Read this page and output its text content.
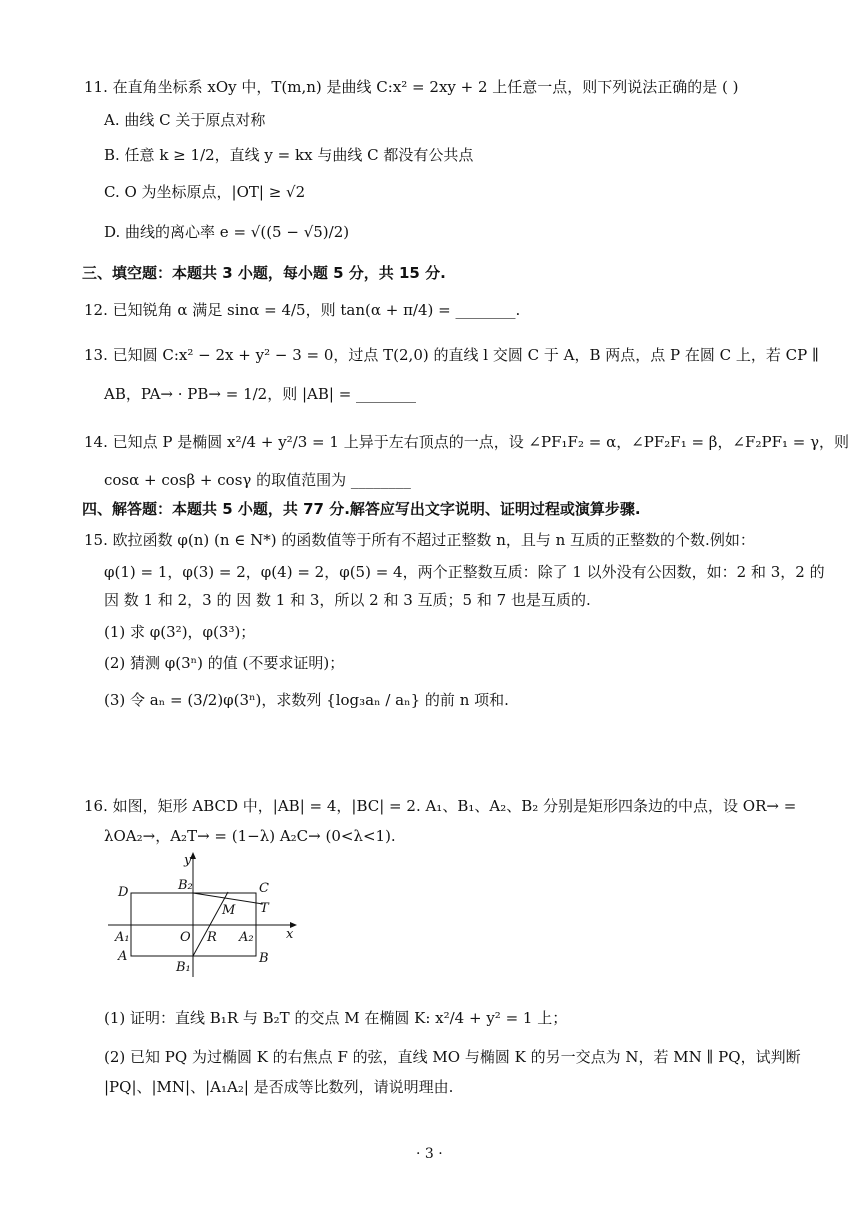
11. 在直角坐标系 xOy 中，T(m,n) 是曲线 C:x² = 2xy + 2 上任意一点，则下列说法正确的是 ( )
A. 曲线 C 关于原点对称
B. 任意 k ≥ 1/2，直线 y = kx 与曲线 C 都没有公共点
C. O 为坐标原点，|OT| ≥ √2
D. 曲线的离心率 e = √((5 − √5)/2)
三、填空题：本题共 3 小题，每小题 5 分，共 15 分.
12. 已知锐角 α 满足 sinα = 4/5，则 tan(α + π/4) = ________.
13. 已知圆 C:x² − 2x + y² − 3 = 0，过点 T(2,0) 的直线 l 交圆 C 于 A，B 两点，点 P 在圆 C 上，若 CP ∥
AB，PA→ · PB→ = 1/2，则 |AB| = ________
14. 已知点 P 是椭圆 x²/4 + y²/3 = 1 上异于左右顶点的一点，设 ∠PF₁F₂ = α，∠PF₂F₁ = β，∠F₂PF₁ = γ，则
cosα + cosβ + cosγ 的取值范围为 ________
四、解答题：本题共 5 小题，共 77 分.解答应写出文字说明、证明过程或演算步骤.
15. 欧拉函数 φ(n) (n ∈ N*) 的函数值等于所有不超过正整数 n，且与 n 互质的正整数的个数.例如：
φ(1) = 1，φ(3) = 2，φ(4) = 2，φ(5) = 4，两个正整数互质：除了 1 以外没有公因数，如：2 和 3，2 的
因 数 1 和 2，3 的 因 数 1 和 3，所以 2 和 3 互质；5 和 7 也是互质的.
(1) 求 φ(3²)，φ(3³)；
(2) 猜测 φ(3ⁿ) 的值 (不要求证明)；
(3) 令 aₙ = (3/2)φ(3ⁿ)，求数列 {log₃aₙ / aₙ} 的前 n 项和.
16. 如图，矩形 ABCD 中，|AB| = 4，|BC| = 2. A₁、B₁、A₂、B₂ 分别是矩形四条边的中点，设 OR→ =
λOA₂→，A₂T→ = (1−λ) A₂C→ (0<λ<1).
y
x
D	C
B₂
M T
A₁	O R A₂
A
B₁
B
(1) 证明：直线 B₁R 与 B₂T 的交点 M 在椭圆 K: x²/4 + y² = 1 上；
(2) 已知 PQ 为过椭圆 K 的右焦点 F 的弦，直线 MO 与椭圆 K 的另一交点为 N，若 MN ∥ PQ，试判断
|PQ|、|MN|、|A₁A₂| 是否成等比数列，请说明理由.
· 3 ·
